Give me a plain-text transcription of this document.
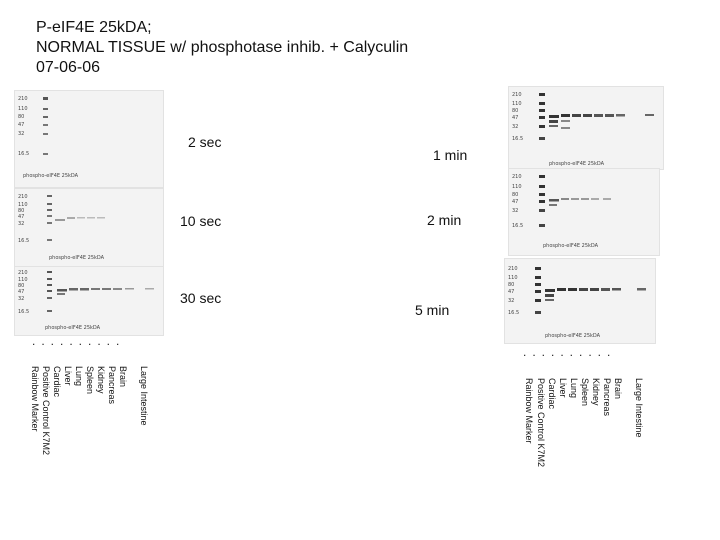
P-eIF4E 25kDA;
NORMAL TISSUE w/ phosphotase inhib. + Calyculin
07-06-06
210
110
80
47
32
16.5
phospho-eIF4E 25kDA
210
110
80
47
32
16.5
phospho-eIF4E 25kDA
210
110
80
47
32
16.5
phospho-eIF4E 25kDA
2 sec
10 sec
30 sec
..........
Rainbow Marker Positive Control K7M2 Cardiac Liver Lung Spleen Kidney Pancreas Brain Large Intestine
210
110
80
47
32
16.5
phospho-eIF4E 25kDA
210
110
80
47
32
16.5
phospho-eIF4E 25kDA
210
110
80
47
32
16.5
phospho-eIF4E 25kDA
1 min
2 min
5 min
..........
Rainbow Marker Positive Control K7M2 Cardiac Liver Lung Spleen Kidney Pancreas Brain Large Intestine
